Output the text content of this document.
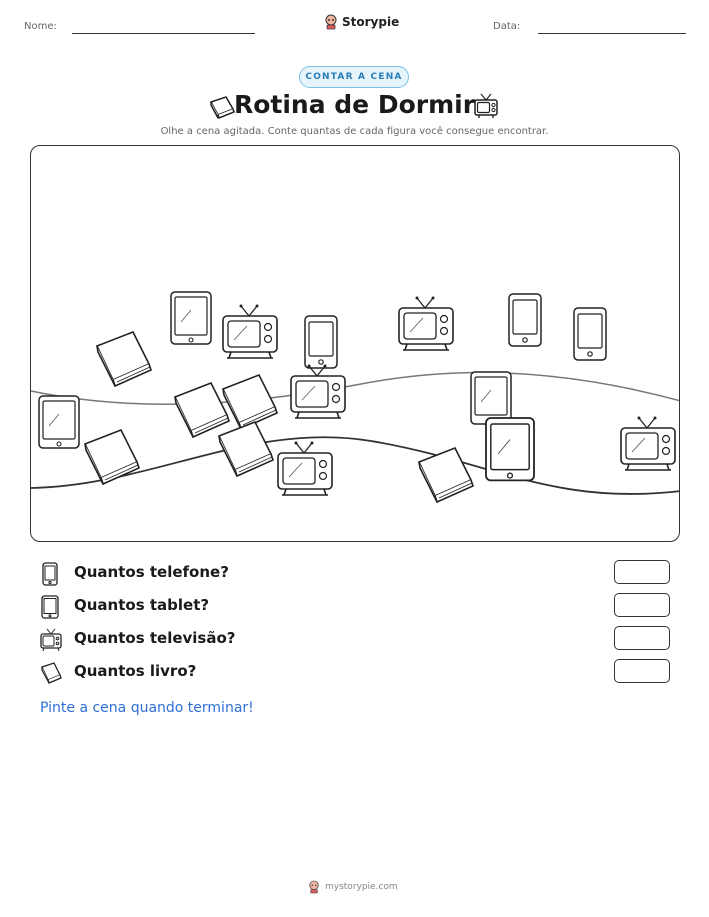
Nome:	Storypie	Data:
CONTAR A CENA
Rotina de Dormir
Olhe a cena agitada. Conte quantas de cada figura você consegue encontrar.
Quantos telefone?
Quantos tablet?
Quantos televisão?
Quantos livro?
Pinte a cena quando terminar!
mystorypie.com
